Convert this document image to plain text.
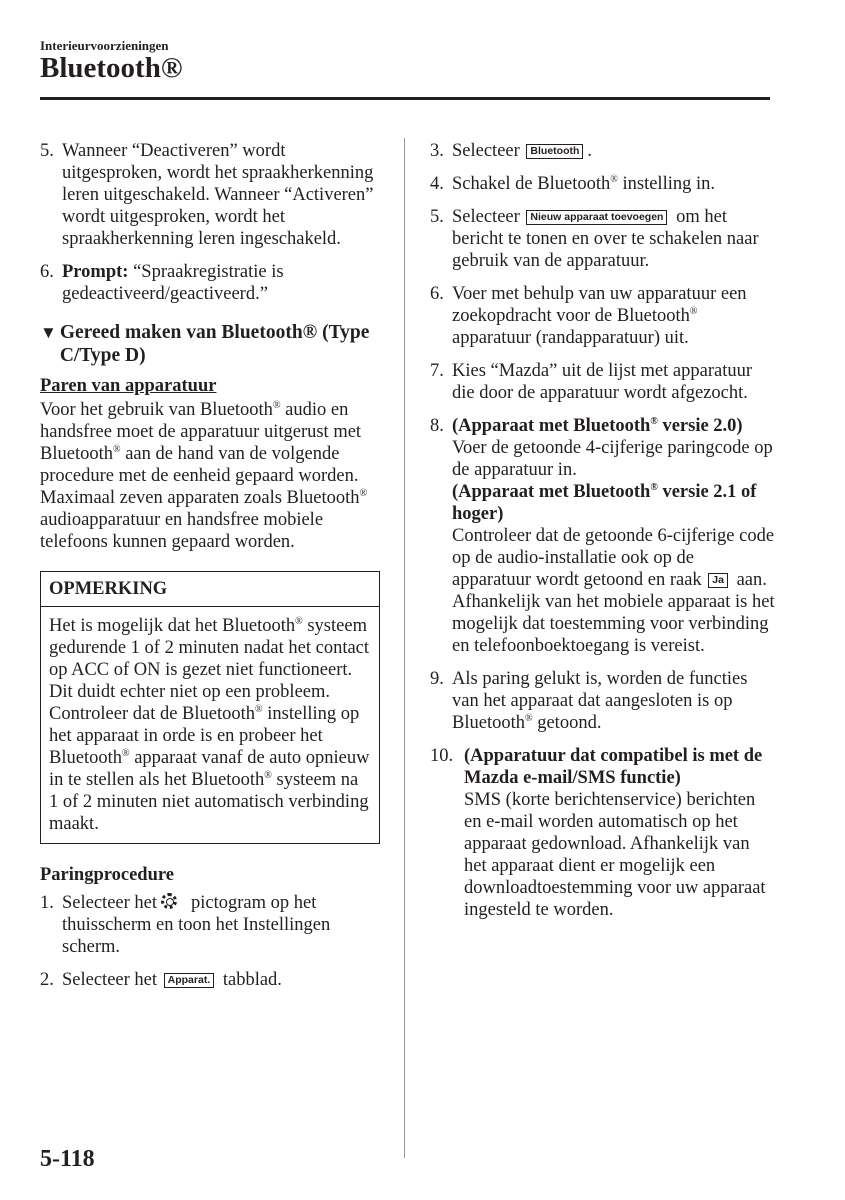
Interieurvoorzieningen
Bluetooth®
5. Wanneer “Deactiveren” wordt uitgesproken, wordt het spraakherkenning leren uitgeschakeld. Wanneer “Activeren” wordt uitgesproken, wordt het spraakherkenning leren ingeschakeld.
6. Prompt: “Spraakregistratie is gedeactiveerd/geactiveerd.”
▼ Gereed maken van Bluetooth® (Type C/Type D)
Paren van apparatuur
Voor het gebruik van Bluetooth® audio en handsfree moet de apparatuur uitgerust met Bluetooth® aan de hand van de volgende procedure met de eenheid gepaard worden. Maximaal zeven apparaten zoals Bluetooth® audioapparatuur en handsfree mobiele telefoons kunnen gepaard worden.
OPMERKING
Het is mogelijk dat het Bluetooth® systeem gedurende 1 of 2 minuten nadat het contact op ACC of ON is gezet niet functioneert. Dit duidt echter niet op een probleem. Controleer dat de Bluetooth® instelling op het apparaat in orde is en probeer het Bluetooth® apparaat vanaf de auto opnieuw in te stellen als het Bluetooth® systeem na 1 of 2 minuten niet automatisch verbinding maakt.
Paringprocedure
1. Selecteer het pictogram op het thuisscherm en toon het Instellingen scherm.
2. Selecteer het Apparat. tabblad.
3. Selecteer Bluetooth .
4. Schakel de Bluetooth® instelling in.
5. Selecteer Nieuw apparaat toevoegen om het bericht te tonen en over te schakelen naar gebruik van de apparatuur.
6. Voer met behulp van uw apparatuur een zoekopdracht voor de Bluetooth® apparatuur (randapparatuur) uit.
7. Kies “Mazda” uit de lijst met apparatuur die door de apparatuur wordt afgezocht.
8. (Apparaat met Bluetooth® versie 2.0)
Voer de getoonde 4-cijferige paringcode op de apparatuur in.
(Apparaat met Bluetooth® versie 2.1 of hoger)
Controleer dat de getoonde 6-cijferige code op de audio-installatie ook op de apparatuur wordt getoond en raak Ja aan.
Afhankelijk van het mobiele apparaat is het mogelijk dat toestemming voor verbinding en telefoonboektoegang is vereist.
9. Als paring gelukt is, worden de functies van het apparaat dat aangesloten is op Bluetooth® getoond.
10. (Apparatuur dat compatibel is met de Mazda e-mail/SMS functie)
SMS (korte berichtenservice) berichten en e-mail worden automatisch op het apparaat gedownload. Afhankelijk van het apparaat dient er mogelijk een downloadtoestemming voor uw apparaat ingesteld te worden.
5-118
